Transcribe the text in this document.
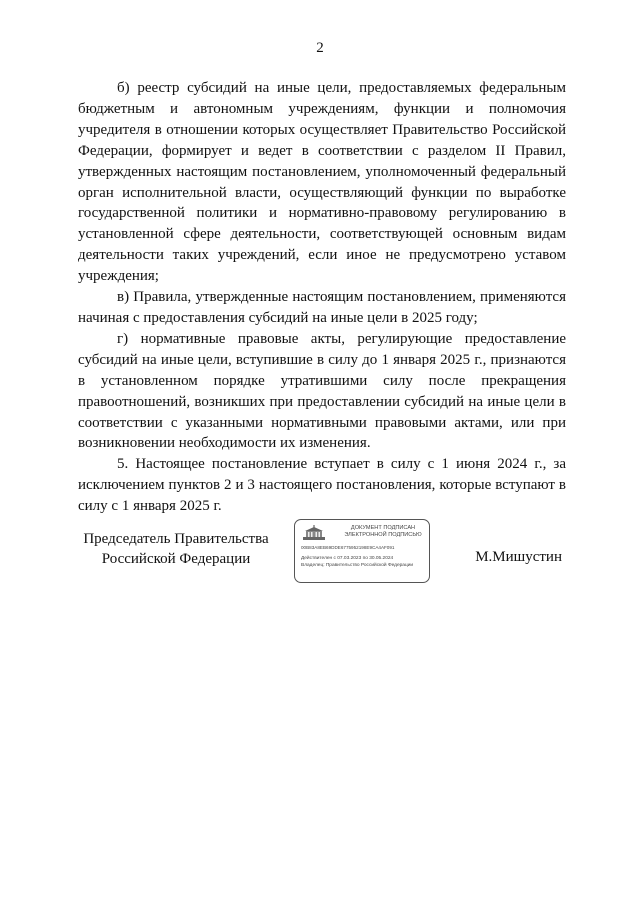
2

б) реестр субсидий на иные цели, предоставляемых федеральным бюджетным и автономным учреждениям, функции и полномочия учредителя в отношении которых осуществляет Правительство Российской Федерации, формирует и ведет в соответствии с разделом II Правил, утвержденных настоящим постановлением, уполномоченный федеральный орган исполнительной власти, осуществляющий функции по выработке государственной политики и нормативно-правовому регулированию в установленной сфере деятельности, соответствующей основным видам деятельности таких учреждений, если иное не предусмотрено уставом учреждения;

в) Правила, утвержденные настоящим постановлением, применяются начиная с предоставления субсидий на иные цели в 2025 году;

г) нормативные правовые акты, регулирующие предоставление субсидий на иные цели, вступившие в силу до 1 января 2025 г., признаются в установленном порядке утратившими силу после прекращения правоотношений, возникших при предоставлении субсидий на иные цели в соответствии с указанными нормативными правовыми актами, или при возникновении необходимости их изменения.

5. Настоящее постановление вступает в силу с 1 июня 2024 г., за исключением пунктов 2 и 3 настоящего постановления, которые вступают в силу с 1 января 2025 г.

Председатель Правительства
Российской Федерации
ДОКУМЕНТ ПОДПИСАН
ЭЛЕКТРОННОЙ ПОДПИСЬЮ
00B83A8EB69DDE6775952198E9CA4AF091
Действителен с 07.03.2023 по 30.05.2024
Владелец: Правительство Российской Федерации
М.Мишустин
